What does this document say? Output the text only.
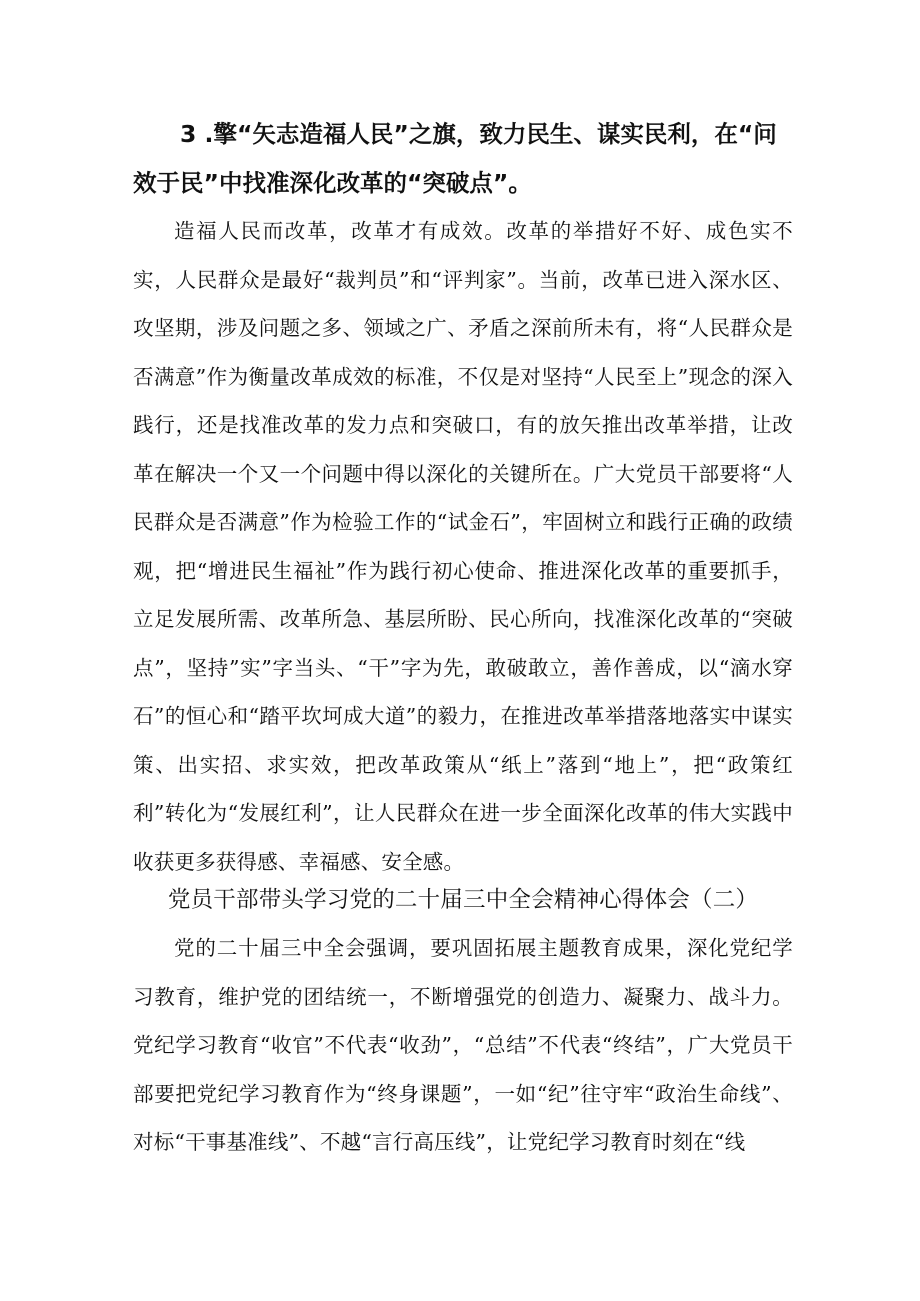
3 .擎“矢志造福人民”之旗，致力民生、谋实民利，在“问效于民”中找准深化改革的“突破点”。

造福人民而改革，改革才有成效。改革的举措好不好、成色实不实，人民群众是最好“裁判员”和“评判家”。当前，改革已进入深水区、攻坚期，涉及问题之多、领域之广、矛盾之深前所未有，将“人民群众是否满意”作为衡量改革成效的标准，不仅是对坚持“人民至上”现念的深入践行，还是找准改革的发力点和突破口，有的放矢推出改革举措，让改革在解决一个又一个问题中得以深化的关键所在。广大党员干部要将“人民群众是否满意”作为检验工作的“试金石”，牢固树立和践行正确的政绩观，把“增进民生福祉”作为践行初心使命、推进深化改革的重要抓手，立足发展所需、改革所急、基层所盼、民心所向，找准深化改革的“突破点”，坚持”实”字当头、“干”字为先，敢破敢立，善作善成，以“滴水穿石”的恒心和“踏平坎坷成大道”的毅力，在推进改革举措落地落实中谋实策、出实招、求实效，把改革政策从“纸上”落到“地上”，把“政策红利”转化为“发展红利”，让人民群众在进一步全面深化改革的伟大实践中收获更多获得感、幸福感、安全感。

党员干部带头学习党的二十届三中全会精神心得体会（二）

党的二十届三中全会强调，要巩固拓展主题教育成果，深化党纪学习教育，维护党的团结统一，不断增强党的创造力、凝聚力、战斗力。党纪学习教育“收官”不代表“收劲”，“总结”不代表“终结”，广大党员干部要把党纪学习教育作为“终身课题”，一如“纪”往守牢“政治生命线”、对标“干事基准线”、不越“言行高压线”，让党纪学习教育时刻在“线
